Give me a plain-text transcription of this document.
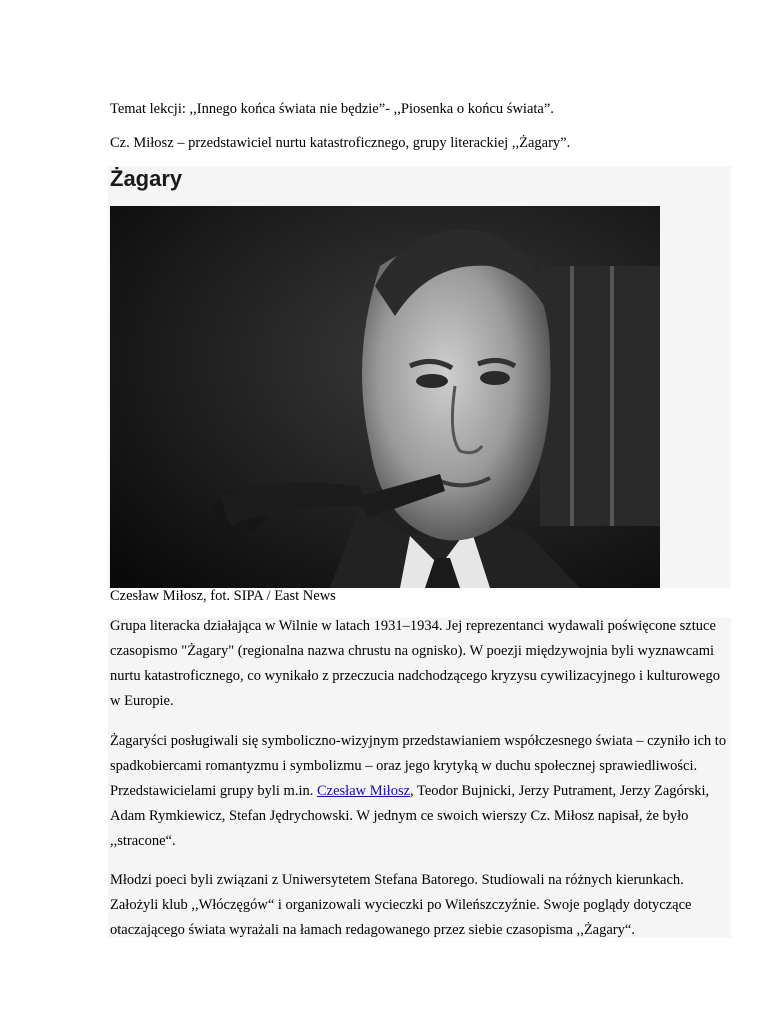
Temat lekcji: ,,Innego końca świata nie będzie”- ,,Piosenka o końcu świata”.
Cz. Miłosz – przedstawiciel nurtu katastroficznego, grupy literackiej ,,Żagary”.
Żagary
Czesław Miłosz, fot. SIPA / East News
Grupa literacka działająca w Wilnie w latach 1931–1934. Jej reprezentanci wydawali poświęcone sztuce czasopismo "Żagary" (regionalna nazwa chrustu na ognisko). W poezji międzywojnia byli wyznawcami nurtu katastroficznego, co wynikało z przeczucia nadchodzącego kryzysu cywilizacyjnego i kulturowego w Europie.
Żagaryści posługiwali się symboliczno-wizyjnym przedstawianiem współczesnego świata – czyniło ich to spadkobiercami romantyzmu i symbolizmu – oraz jego krytyką w duchu społecznej sprawiedliwości. Przedstawicielami grupy byli m.in. Czesław Miłosz, Teodor Bujnicki, Jerzy Putrament, Jerzy Zagórski, Adam Rymkiewicz, Stefan Jędrychowski. W jednym ce swoich wierszy Cz. Miłosz napisał, że było ,,stracone“.
Młodzi poeci byli związani z Uniwersytetem Stefana Batorego. Studiowali na różnych kierunkach. Założyli klub ,,Włóczęgów“ i organizowali wycieczki po Wileńszczyźnie. Swoje poglądy dotyczące otaczającego świata wyrażali na łamach redagowanego przez siebie czasopisma ,,Żagary“.
